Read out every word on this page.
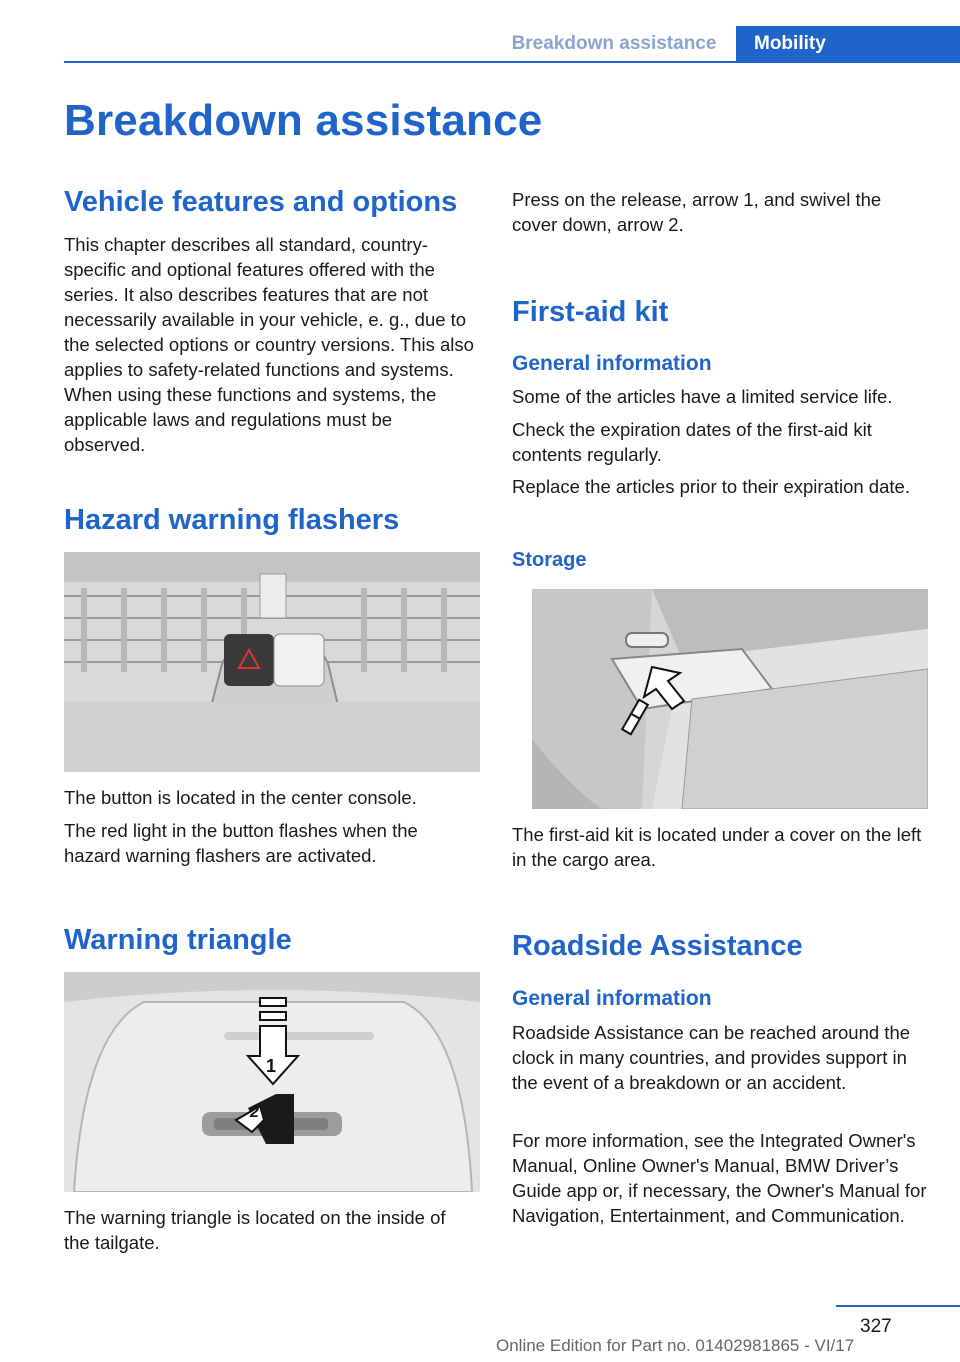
Breakdown assistance	Mobility
Breakdown assistance
Vehicle features and options

This chapter describes all standard, country-specific and optional features offered with the series. It also describes features that are not necessarily available in your vehicle, e. g., due to the selected options or country versions. This also applies to safety-related functions and systems. When using these functions and systems, the applicable laws and regulations must be observed.

Hazard warning flashers

The button is located in the center console.

The red light in the button flashes when the hazard warning flashers are activated.

Warning triangle
1
2

The warning triangle is located on the inside of the tailgate.

Press on the release, arrow 1, and swivel the cover down, arrow 2.

First-aid kit
General information

Some of the articles have a limited service life.

Check the expiration dates of the first-aid kit contents regularly.

Replace the articles prior to their expiration date.

Storage

The first-aid kit is located under a cover on the left in the cargo area.

Roadside Assistance
General information

Roadside Assistance can be reached around the clock in many countries, and provides support in the event of a breakdown or an accident.

For more information, see the Integrated Owner's Manual, Online Owner's Manual, BMW Driver’s Guide app or, if necessary, the Owner's Manual for Navigation, Entertainment, and Communication.

327
Online Edition for Part no. 01402981865 - VI/17
